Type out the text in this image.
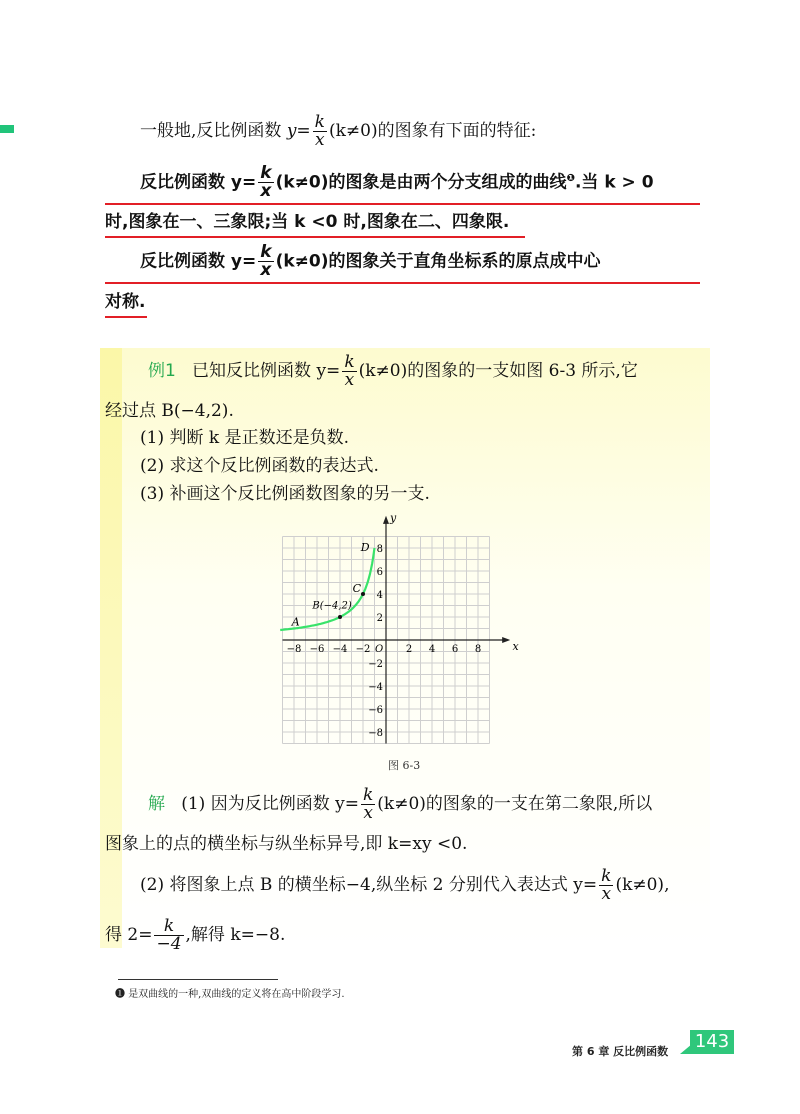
一般地,反比例函数 $y= \frac{k}{x} (k\ne 0)$的图象有下面的特征:
反比例函数 $y= \frac{k}{x} (k\ne 0)$的图象是由两个分支组成的曲线$^❶$.当 k > 0
时,图象在一、三象限;当 k <0 时,图象在二、四象限.
反比例函数 $y= \frac{k}{x} (k\ne 0)$的图象关于直角坐标系的原点成中心
对称.
例1 已知反比例函数 $y= \frac{k}{x} (k\ne 0)$的图象的一支如图 6-3 所示,它
经过点 B(−4,2).
(1) 判断 k 是正数还是负数.
(2) 求这个反比例函数的表达式.
(3) 补画这个反比例函数图象的另一支.
x
y
O
−8 −6 −4 −2	2 4 6 8
8
6
4
2
−2
−4
−6
−8
A
B(−4,2)
C
D
图 6-3
解 (1) 因为反比例函数 $y= \frac{k}{x} (k\ne 0)$的图象的一支在第二象限,所以
图象上的点的横坐标与纵坐标异号,即 k=xy <0.
(2) 将图象上点 B 的横坐标−4,纵坐标 2 分别代入表达式 $y= \frac{k}{x} (k\ne 0)$,
得 $2= \frac{k}{-4}$ ,解得 k=−8.
❶ 是双曲线的一种,双曲线的定义将在高中阶段学习.
第 6 章 反比例函数 143
